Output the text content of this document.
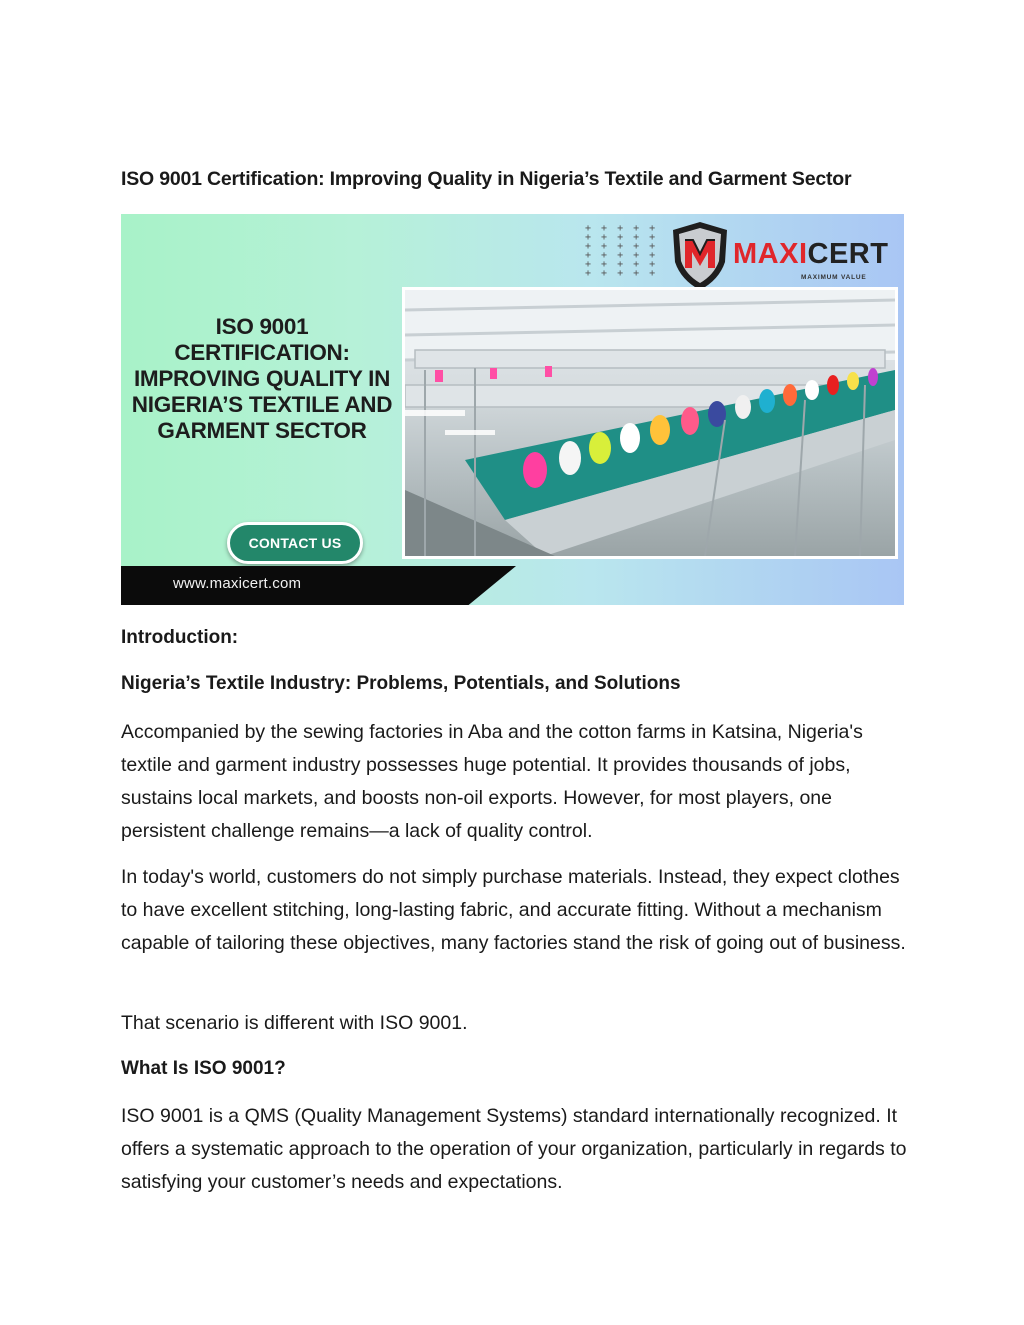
ISO 9001 Certification: Improving Quality in Nigeria’s Textile and Garment Sector
+ + + + +
+ + + + +
+ + + + +
+ + + + +
+ + + + +
+ + + + +
MAXICERT
MAXIMUM VALUE
ISO 9001
CERTIFICATION:
IMPROVING QUALITY IN
NIGERIA’S TEXTILE AND
GARMENT SECTOR
CONTACT US
www.maxicert.com
Introduction:
Nigeria’s Textile Industry: Problems, Potentials, and Solutions

Accompanied by the sewing factories in Aba and the cotton farms in Katsina, Nigeria's textile and garment industry possesses huge potential. It provides thousands of jobs, sustains local markets, and boosts non-oil exports. However, for most players, one persistent challenge remains—a lack of quality control.

In today's world, customers do not simply purchase materials. Instead, they expect clothes to have excellent stitching, long-lasting fabric, and accurate fitting. Without a mechanism capable of tailoring these objectives, many factories stand the risk of going out of business.

That scenario is different with ISO 9001.

What Is ISO 9001?

ISO 9001 is a QMS (Quality Management Systems) standard internationally recognized. It offers a systematic approach to the operation of your organization, particularly in regards to satisfying your customer’s needs and expectations.
